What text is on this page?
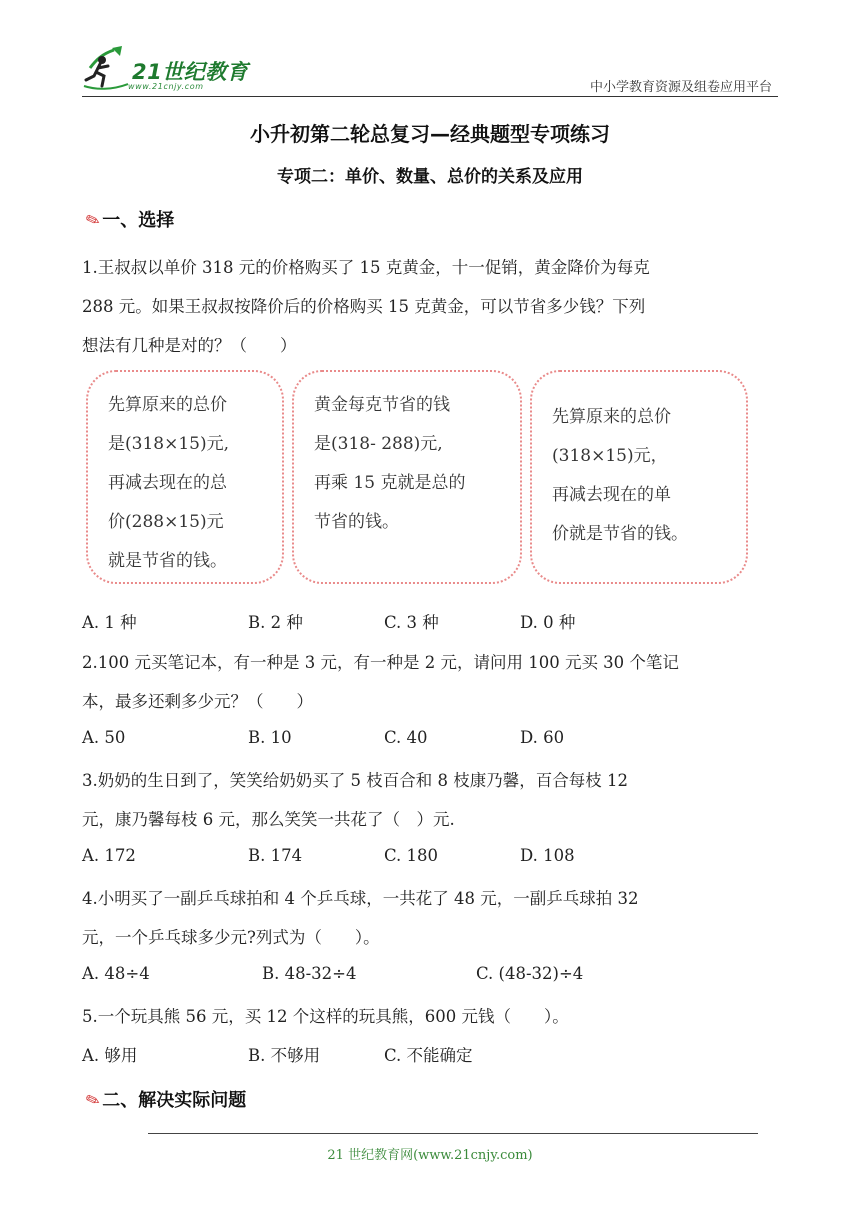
21世纪教育
www.21cnjy.com	中小学教育资源及组卷应用平台
小升初第二轮总复习—经典题型专项练习
专项二：单价、数量、总价的关系及应用
✎一、选择
1.王叔叔以单价 318 元的价格购买了 15 克黄金，十一促销，黄金降价为每克
288 元。如果王叔叔按降价后的价格购买 15 克黄金，可以节省多少钱？下列
想法有几种是对的？（　　）
先算原来的总价
是(318×15)元,
再减去现在的总
价(288×15)元
就是节省的钱。
黄金每克节省的钱
是(318- 288)元,
再乘 15 克就是总的
节省的钱。
先算原来的总价
(318×15)元，
再减去现在的单
价就是节省的钱。
A. 1 种	B. 2 种	C. 3 种	D. 0 种
2.100 元买笔记本，有一种是 3 元，有一种是 2 元，请问用 100 元买 30 个笔记
本，最多还剩多少元？（　　）
A. 50	B. 10	C. 40	D. 60
3.奶奶的生日到了，笑笑给奶奶买了 5 枝百合和 8 枝康乃馨，百合每枝 12
元，康乃馨每枝 6 元，那么笑笑一共花了（　）元.
A. 172	B. 174	C. 180	D. 108
4.小明买了一副乒乓球拍和 4 个乒乓球，一共花了 48 元，一副乒乓球拍 32
元，一个乒乓球多少元?列式为（　　）。
A. 48÷4	B. 48-32÷4	C. (48-32)÷4
5.一个玩具熊 56 元，买 12 个这样的玩具熊，600 元钱（　　）。
A. 够用	B. 不够用	C. 不能确定
✎二、解决实际问题
21 世纪教育网(www.21cnjy.com)
